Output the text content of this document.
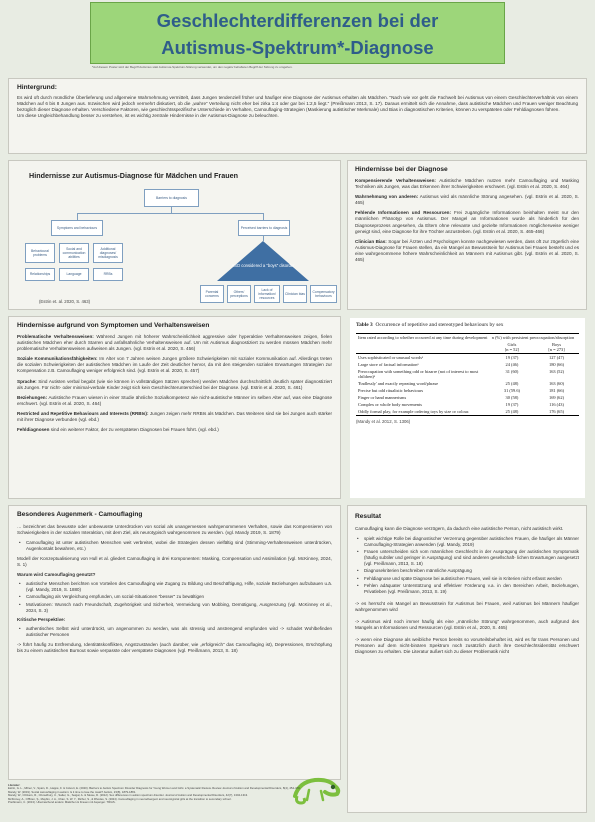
Geschlechterdifferenzen bei der
Autismus-Spektrum*-Diagnose
*Auf diesem Poster wird der Begriff Autismus statt Autismus-Spektrum-Störung verwendet, um den negativ behafteten Begriff der Störung zu umgehen.
Hintergrund:

Es wird oft durch mündliche Überlieferung und allgemeine Wahrnehmung vermittelt, dass Jungen tendenziell früher und häufiger eine Diagnose der Autismus erhalten als Mädchen. "Nach wie vor geht die Fachwelt bei Autismus von einem Geschlechterverhältnis von einem Mädchen auf 6 bis 8 Jungen aus. Inzwischen wird jedoch vermehrt diskutiert, ob die „wahre“ Verteilung nicht eher bei zirka 1:4 oder gar bei 1:2,5 liegt." (Preißmann 2013, S. 17). Daraus ermittelt sich die Annahme, dass autistische Mädchen und Frauen weniger Beachtung bezüglich dieser Diagnose erhalten. Verschiedene Faktoren, wie geschlechtsspezifische Unterschiede im Verhalten, Camouflaging-Strategien (Maskierung autistischer Merkmale) und Bias in diagnostischen Kriterien, können zu verspäteten oder Fehldiagnosen führen.

Um diese Ungleichbehandlung besser zu verstehen, ist es wichtig zentrale Hindernisse in der Autismus-Diagnose zu beleuchten.

Hindernisse zur Autismus-Diagnose für Mädchen und Frauen
Barriers to diagnosis
Symptoms and behaviours	Perceived barriers to diagnosis
Behavioural problems
Social and communication abilities
Additional diagnoses/ misdiagnosis
Relationships	Language	RRBs
ASD considered a "boys" disorder
Parental concerns
Others' perceptions
Lack of information/ resources
Clinician bias
Compensatory behaviours
(Estrin et. al. 2020, S. 463)
Hindernisse bei der Diagnose

Kompensierende Verhaltensweisen: Autistische Mädchen nutzen mehr Camouflaging und Masking Techniken als Jungen, was das Erkennen ihrer Schwierigkeiten erschwert. (vgl. Estrin et al. 2020, S. 464)

Wahrnehmung von anderen: Autismus wird als männliche Störung angesehen. (vgl. Estrin et al. 2020, S. 465)

Fehlende Informationen und Ressourcen: Frei zugängliche Informationen beinhalten meist nur den männlichen Phänotyp von Autismus. Der Mangel an Informationen wurde als hinderlich für den Diagnoseprozess angesehen, da Eltern ohne relevante und gezielte Informationen möglicherweise weniger geneigt sind, eine Diagnose für ihre Töchter anzustreben. (vgl. Estrin et al. 2020, S. 465-466)

Clinician Bias: Sogar bei Ärzten und Psychologen konnte nachgewiesen werden, dass oft zur zögerlich eine Autismus-Diagnose für Frauen stellen, da ein Mangel an Bewusstsein für Autismus bei Frauen besteht und es eine wahrgenommene höhere Wahrscheinlichkeit an Männern mit Autismus gibt. (vgl. Estrin et al. 2020, S. 465)

Hindernisse aufgrund von Symptomen und Verhaltensweisen

Problematische Verhaltensweisen: Während Jungen mit höherer Wahrscheinlichkeit aggressive oder hyperaktive Verhaltensweisen zeigen, fielen autistischen Mädchen eher durch Starren und anfallsähnliche Verhaltensweisen auf. Um mit Autismus diagnostiziert zu werden müssen Mädchen mehr problematische Verhaltensweisen aufweisen als Jungen. (vgl. Estrin et al. 2020, S. 456)

Soziale Kommunikationsfähigkeiten: Im Alter von 7 Jahren weisen Jungen größere Schwierigkeiten mit sozialer Kommunikation auf. Allerdings treten die sozialen Schwierigkeiten der autistischen Mädchen im Laufe der Zeit deutlicher hervor, da mit den steigenden sozialen Erwartungen Strategien zur Kompensation z.B. Camouflaging weniger erfolgreich sind. (vgl. Estrin et al. 2020, S. 457)

Sprache: Sind Autisten verbal begabt (wie sie können in vollständigen Sätzen sprechen) werden Mädchen durchschnittlich deutlich später diagnostiziert als Jungen. Für nicht- oder minimal-verbale Kinder zeigt sich kein Geschlechterunterschied bei der Diagnose. (vgl. Estrin et al. 2020, S. 461)

Beziehungen: Autistische Frauen wiesen in einer Studie ähnliche Sozialkompetenz wie nicht-autistische Männer im selben Alter auf, was eine Diagnose erschwert. (vgl. Estrin et al. 2020, S. 464)

Restricted and Repetitive Behaviours and Interests (RRBIs): Jungen zeigen mehr RRBIs als Mädchen. Das Weiteren sind sie bei Jungen auch stärker mit ihrer Diagnose verbunden (vgl. ebd.)

Fehldiagnosen sind ein weiterer Faktor, der zu verspäteten Diagnosen bei Frauen führt. (vgl. ebd.)

Table 3 Occurrence of repetitive and stereotyped behaviours by sex
Item rated according to whether occurred at any time during development	n (%) with persistent preoccupation/absorption	
	Girls
[n = 52]	Boys
[n = 273]
Uses sophisticated or unusual wordsᵃ	19 (37)	127 (47)
Large store of factual informationᵃ	24 (46)	180 (66)
Preoccupation with something odd or bizarre (not of interest to most children)ᵃ	31 (60)	163 (52)
'Endlessly' and exactly repeating word/phrase	25 (48)	163 (60)
Precise but odd ritualistic behaviours	31 (59.6)	181 (66)
Finger or hand mannerisms	30 (58)	169 (62)
Complex or whole body movements	19 (37)	116 (43)
Oddly formal play, for example ordering toys by size or colour.	25 (48)	176 (65)
(Mandy et al. 2012, S. 1306)
Besonderes Augenmerk - Camouflaging

… bezeichnet das bewusste oder unbewusste Unterdrücken von sozial als unangemessen wahrgenommenen Verhalten, sowie das Kompensieren von Schwierigkeiten in der sozialen Interaktion, mit dem Ziel, als neurotypisch wahrgenommen zu werden. (vgl. Mandy 2019, S. 1879)

• Camouflaging ist unter autistischen Menschen weit verbreitet, wobei die Strategien dessen vielfältig sind (Stimming-Verhaltensweisen unterdrücken, Augenkontakt bewahren, etc.)

Modell der Konzeptualisierung von Hull et al. gliedert Camouflaging in drei Komponenten: Masking, Compensation und Assimilation (vgl. McKinney, 2024, S. 1)

Warum wird Camouflaging genutzt?

• autistische Menschen berichten von Vorteilen des Camouflaging wie Zugang zu Bildung und Beschäftigung, Hilfe, soziale Beziehungen aufzubauen u.ä. (vgl. Mandy, 2019, S. 1880)
• Camouflaging als Vergleichung empfunden, um sozial-Situationen "besser" zu bewältigen
• Motivationen: Wunsch nach Freundschaft, Zugehörigkeit und Sicherheit, Vermeidung von Mobbing, Demütigung, Ausgrenzung (vgl. McKinney et al., 2024, S. 3)

Kritische Perspektive:

• authentisches Selbst wird unterdrückt, um angenommen zu werden, was als stressig und anstrengend empfunden wird -> schadet Wohlbefinden autistischer Personen

-> führt häufig zu Entfremdung, Identitätskonflikten, Angstzuständen (auch darüber, wie „erfolgreich" das Camouflaging ist), Depressionen, Erschöpfung bis zu einem autistischen Burnout sowie verpasste oder verspätete Diagnosen (vgl. Preißmann, 2013, S. 18)

Resultat

Camouflaging kann die Diagnose verzögern, da dadurch eine autistische Person, nicht autistisch wirkt.

• spielt wichtige Rolle bei diagnostischer Verzerrung gegenüber autistischen Frauen, die häufiger als Männer Camouflaging-Strategien anwenden (vgl. Mandy, 2019)
• Frauen unterscheiden sich vom männlichen Geschlecht in der Ausprägung der autistischen Symptomatik (häufig subtiler und geringer in Ausprägung) und sind anderen gesellschaft- lichen Erwartungen ausgesetzt (vgl. Preißmann, 2013, S. 18)
• Diagnosekriterien beschreiben männliche Ausprägung
• Fehldiagnose und späte Diagnose bei autistischen Frauen, weil sie in Kriterien nicht erfasst werden
• Fehlen adäquater Unterstützung und effektiver Förderung v.a. in den Bereichen Arbeit, Beziehungen, Privatleben (vgl. Preißmann, 2013, S. 19)

-> es herrscht ein Mangel an Bewusstsein für Autismus bei Frauen, weil Autismus bei Männern häufiger wahrgenommen wird

-> Autismus wird noch immer häufig als eine „männliche Störung" wahrgenommen, auch aufgrund des Mangels an Informationen und Ressourcen (vgl. Estrin et al., 2020, S. 465)

-> wenn eine Diagnose als weibliche Person bereits so vorurteilsbehaftet ist, wird es für trans Personen und Personen auf dem nicht-binären Spektrum noch zusätzlich durch ihre Geschlechtsidentität erschwert Diagnosen zu erhalten. Die Literatur äußert sich zu dieser Problematik nicht

Literatur:
Estrin, G. L., Milner, V., Spain, D., Happé, F. & Colvert, E. (2020). Barriers to Autism Spectrum Disorder Diagnosis for Young Women and Girls: a Systematic Review. Review Journal of Autism and Developmental Disorders, 8(4), 454-470.
Mandy, W. (2019). Social camouflaging in autism: Is it time to lose the mask? Autism, 23(8), 1879-1881.
Mandy, W., Chilvers, R., Chowdhury, U., Salter, G., Seigal, A. & Skuse, D. (2012). Sex differences in autism spectrum disorder. Journal of Autism and Developmental Disorders, 42(7), 1304-1313.
McKinney, A., O'Brien, S., Maybin, J. A., Chan, S. W. Y., Richer, S., & Rhodes, S. (2024). Camouflaging in neurodivergent and neurotypical girls at the transition to secondary school.
Preißmann, C. (2013). Überraschend anders: Mädchen & Frauen mit Asperger. TRIAS.
